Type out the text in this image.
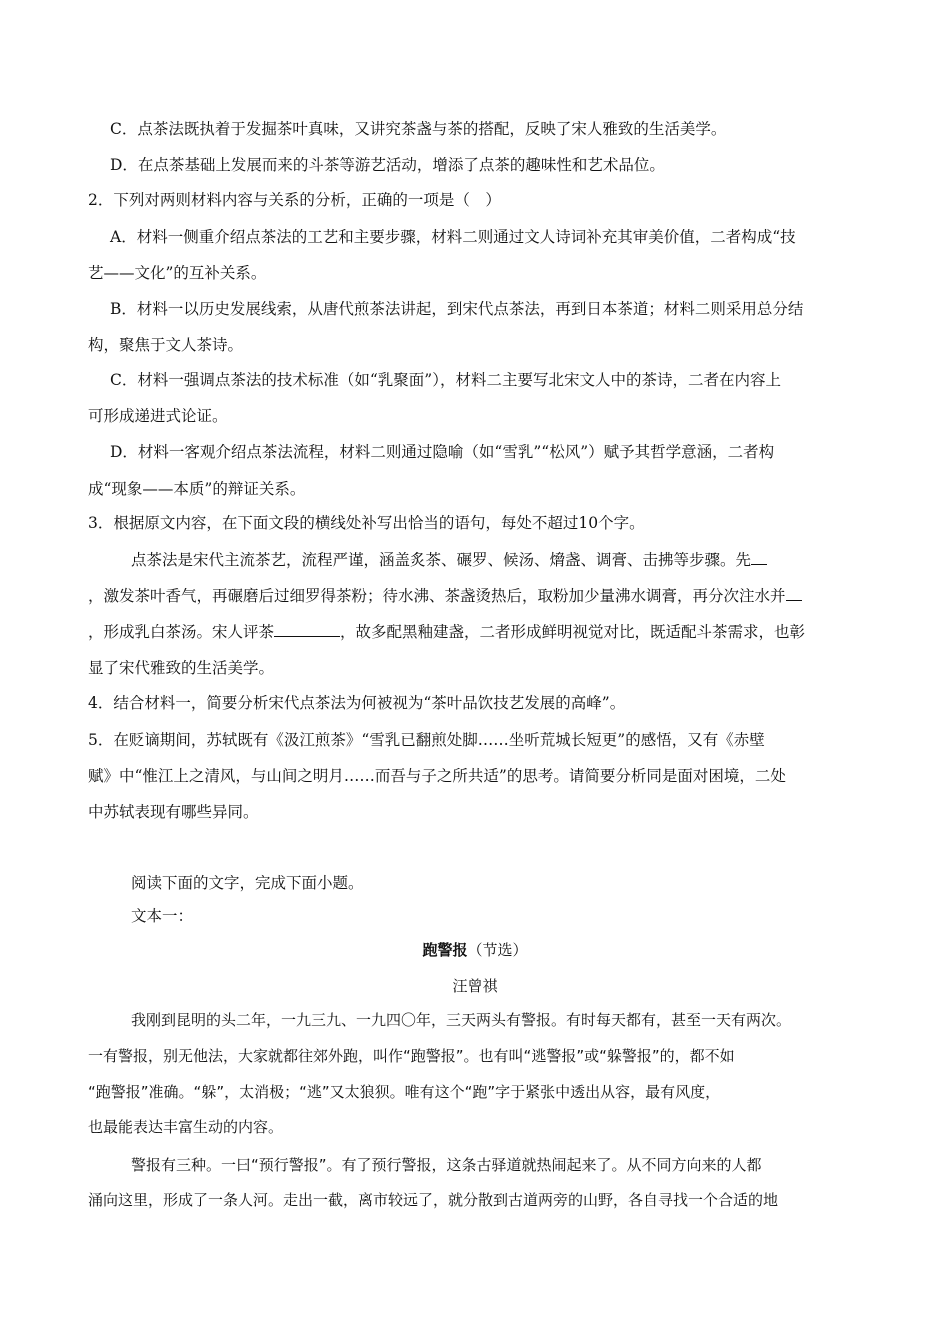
C．点茶法既执着于发掘茶叶真味，又讲究茶盏与茶的搭配，反映了宋人雅致的生活美学。
D．在点茶基础上发展而来的斗茶等游艺活动，增添了点茶的趣味性和艺术品位。
2．下列对两则材料内容与关系的分析，正确的一项是（　）
A．材料一侧重介绍点茶法的工艺和主要步骤，材料二则通过文人诗词补充其审美价值，二者构成“技
艺——文化”的互补关系。
B．材料一以历史发展线索，从唐代煎茶法讲起，到宋代点茶法，再到日本茶道；材料二则采用总分结
构，聚焦于文人茶诗。
C．材料一强调点茶法的技术标准（如“乳聚面”），材料二主要写北宋文人中的茶诗，二者在内容上
可形成递进式论证。
D．材料一客观介绍点茶法流程，材料二则通过隐喻（如“雪乳”“松风”）赋予其哲学意涵，二者构
成“现象——本质”的辩证关系。
3．根据原文内容，在下面文段的横线处补写出恰当的语句，每处不超过10个字。
点茶法是宋代主流茶艺，流程严谨，涵盖炙茶、碾罗、候汤、熁盏、调膏、击拂等步骤。先
，激发茶叶香气，再碾磨后过细罗得茶粉；待水沸、茶盏烫热后，取粉加少量沸水调膏，再分次注水并
，形成乳白茶汤。宋人评茶	，故多配黑釉建盏，二者形成鲜明视觉对比，既适配斗茶需求，也彰
显了宋代雅致的生活美学。
4．结合材料一，简要分析宋代点茶法为何被视为“茶叶品饮技艺发展的高峰”。
5．在贬谪期间，苏轼既有《汲江煎茶》“雪乳已翻煎处脚……坐听荒城长短更”的感悟，又有《赤壁
赋》中“惟江上之清风，与山间之明月……而吾与子之所共适”的思考。请简要分析同是面对困境，二处
中苏轼表现有哪些异同。
阅读下面的文字，完成下面小题。
文本一：
跑警报（节选）
汪曾祺
我刚到昆明的头二年，一九三九、一九四〇年，三天两头有警报。有时每天都有，甚至一天有两次。
一有警报，别无他法，大家就都往郊外跑，叫作“跑警报”。也有叫“逃警报”或“躲警报”的，都不如
“跑警报”准确。“躲”，太消极；“逃”又太狼狈。唯有这个“跑”字于紧张中透出从容，最有风度，
也最能表达丰富生动的内容。
警报有三种。一曰“预行警报”。有了预行警报，这条古驿道就热闹起来了。从不同方向来的人都
涌向这里，形成了一条人河。走出一截，离市较远了，就分散到古道两旁的山野，各自寻找一个合适的地
